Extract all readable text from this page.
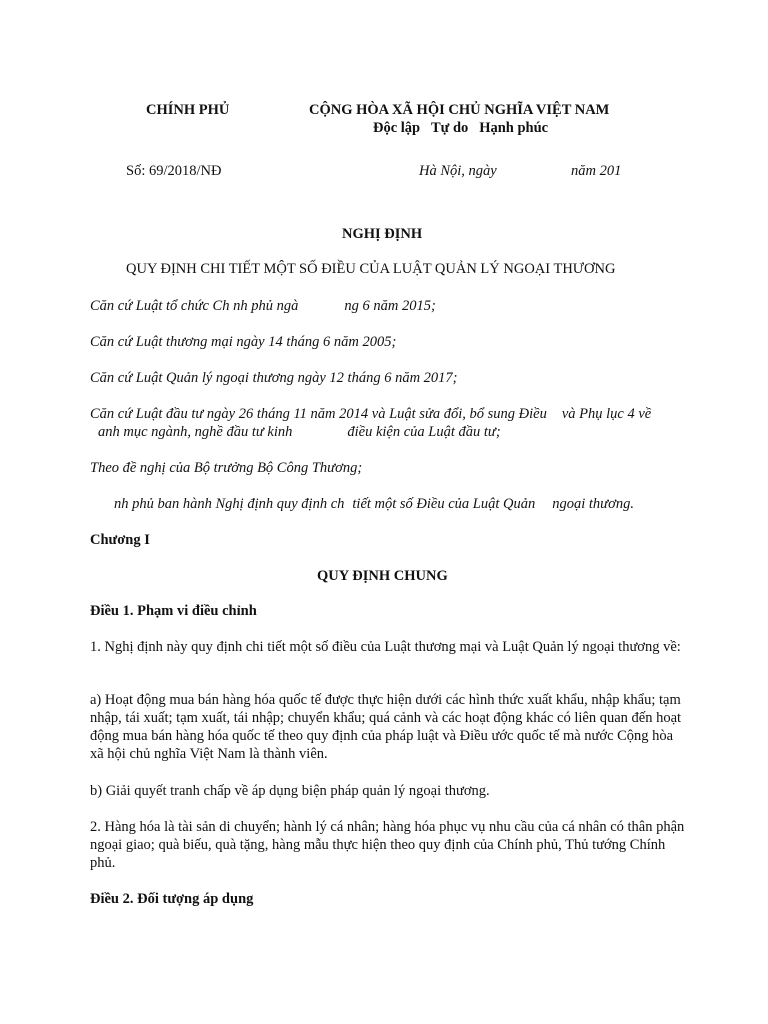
CHÍNH PHỦ	CỘNG HÒA XÃ HỘI CHỦ NGHĨA VIỆT NAM
Độc lập Tự do Hạnh phúc
Số: 69/2018/NĐ	Hà Nội, ngày	năm 201
NGHỊ ĐỊNH
QUY ĐỊNH CHI TIẾT MỘT SỐ ĐIỀU CỦA LUẬT QUẢN LÝ NGOẠI THƯƠNG
Căn cứ Luật tổ chức Ch nh phủ ngà	ng 6 năm 2015;
Căn cứ Luật thương mại ngày 14 tháng 6 năm 2005;
Căn cứ Luật Quản lý ngoại thương ngày 12 tháng 6 năm 2017;
Căn cứ Luật đầu tư ngày 26 tháng 11 năm 2014 và Luật sửa đổi, bổ sung Điều và Phụ lục 4 về
anh mục ngành, nghề đầu tư kinh	điều kiện của Luật đầu tư;
Theo đề nghị của Bộ trưởng Bộ Công Thương;
nh phủ ban hành Nghị định quy định ch tiết một số Điều của Luật Quản ngoại thương.
Chương I
QUY ĐỊNH CHUNG
Điều 1. Phạm vi điều chỉnh
1. Nghị định này quy định chi tiết một số điều của Luật thương mại và Luật Quản lý ngoại thương về:
a) Hoạt động mua bán hàng hóa quốc tế được thực hiện dưới các hình thức xuất khẩu, nhập khẩu; tạm nhập, tái xuất; tạm xuất, tái nhập; chuyển khẩu; quá cảnh và các hoạt động khác có liên quan đến hoạt động mua bán hàng hóa quốc tế theo quy định của pháp luật và Điều ước quốc tế mà nước Cộng hòa xã hội chủ nghĩa Việt Nam là thành viên.
b) Giải quyết tranh chấp về áp dụng biện pháp quản lý ngoại thương.
2. Hàng hóa là tài sản di chuyển; hành lý cá nhân; hàng hóa phục vụ nhu cầu của cá nhân có thân phận ngoại giao; quà biếu, quà tặng, hàng mẫu thực hiện theo quy định của Chính phủ, Thủ tướng Chính phủ.
Điều 2. Đối tượng áp dụng
